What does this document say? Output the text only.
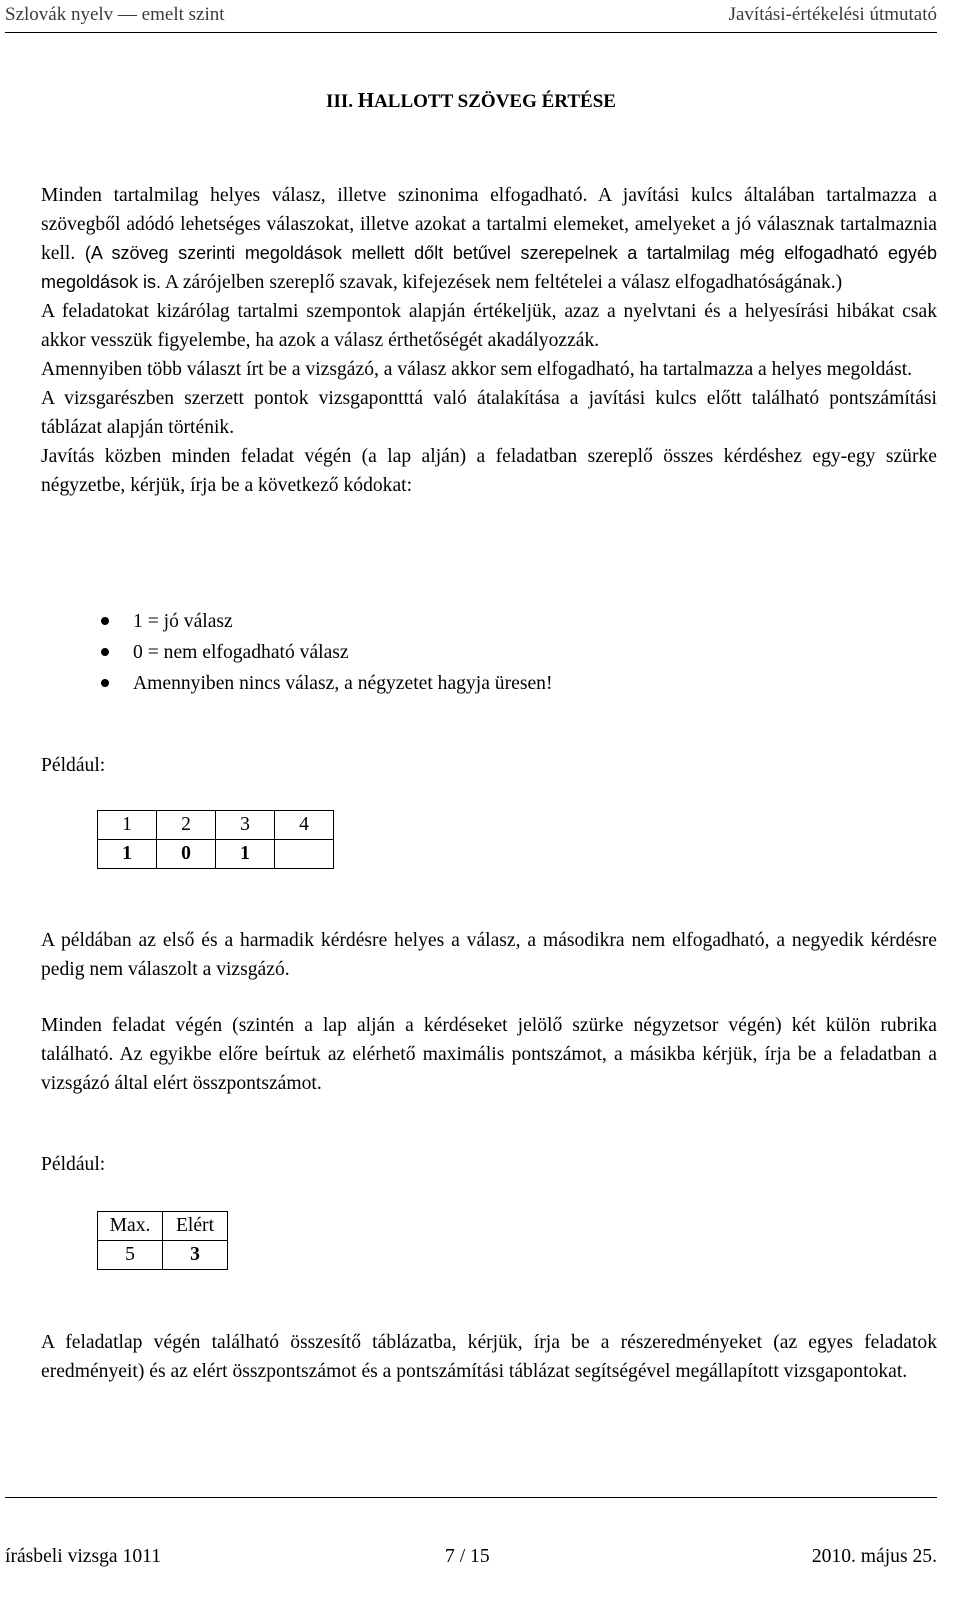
Szlovák nyelv — emelt szint	Javítási-értékelési útmutató
III. HALLOTT SZÖVEG ÉRTÉSE

Minden tartalmilag helyes válasz, illetve szinonima elfogadható. A javítási kulcs általában tartalmazza a szövegből adódó lehetséges válaszokat, illetve azokat a tartalmi elemeket, amelyeket a jó válasznak tartalmaznia kell. (A szöveg szerinti megoldások mellett dőlt betűvel szerepelnek a tartalmilag még elfogadható egyéb megoldások is. A zárójelben szereplő szavak, kifejezések nem feltételei a válasz elfogadhatóságának.)

A feladatokat kizárólag tartalmi szempontok alapján értékeljük, azaz a nyelvtani és a helyesírási hibákat csak akkor vesszük figyelembe, ha azok a válasz érthetőségét akadályozzák.

Amennyiben több választ írt be a vizsgázó, a válasz akkor sem elfogadható, ha tartalmazza a helyes megoldást.

A vizsgarészben szerzett pontok vizsgapontttá való átalakítása a javítási kulcs előtt található pontszámítási táblázat alapján történik.

Javítás közben minden feladat végén (a lap alján) a feladatban szereplő összes kérdéshez egy-egy szürke négyzetbe, kérjük, írja be a következő kódokat:

1 = jó válasz
0 = nem elfogadható válasz
Amennyiben nincs válasz, a négyzetet hagyja üresen!
Például:
1	2	3	4
1	0	1	
A példában az első és a harmadik kérdésre helyes a válasz, a másodikra nem elfogadható, a negyedik kérdésre pedig nem válaszolt a vizsgázó.
Minden feladat végén (szintén a lap alján a kérdéseket jelölő szürke négyzetsor végén) két külön rubrika található. Az egyikbe előre beírtuk az elérhető maximális pontszámot, a másikba kérjük, írja be a feladatban a vizsgázó által elért összpontszámot.
Például:
Max.	Elért
5	3
A feladatlap végén található összesítő táblázatba, kérjük, írja be a részeredményeket (az egyes feladatok eredményeit) és az elért összpontszámot és a pontszámítási táblázat segítségével megállapított vizsgapontokat.
írásbeli vizsga 1011	7 / 15	2010. május 25.
